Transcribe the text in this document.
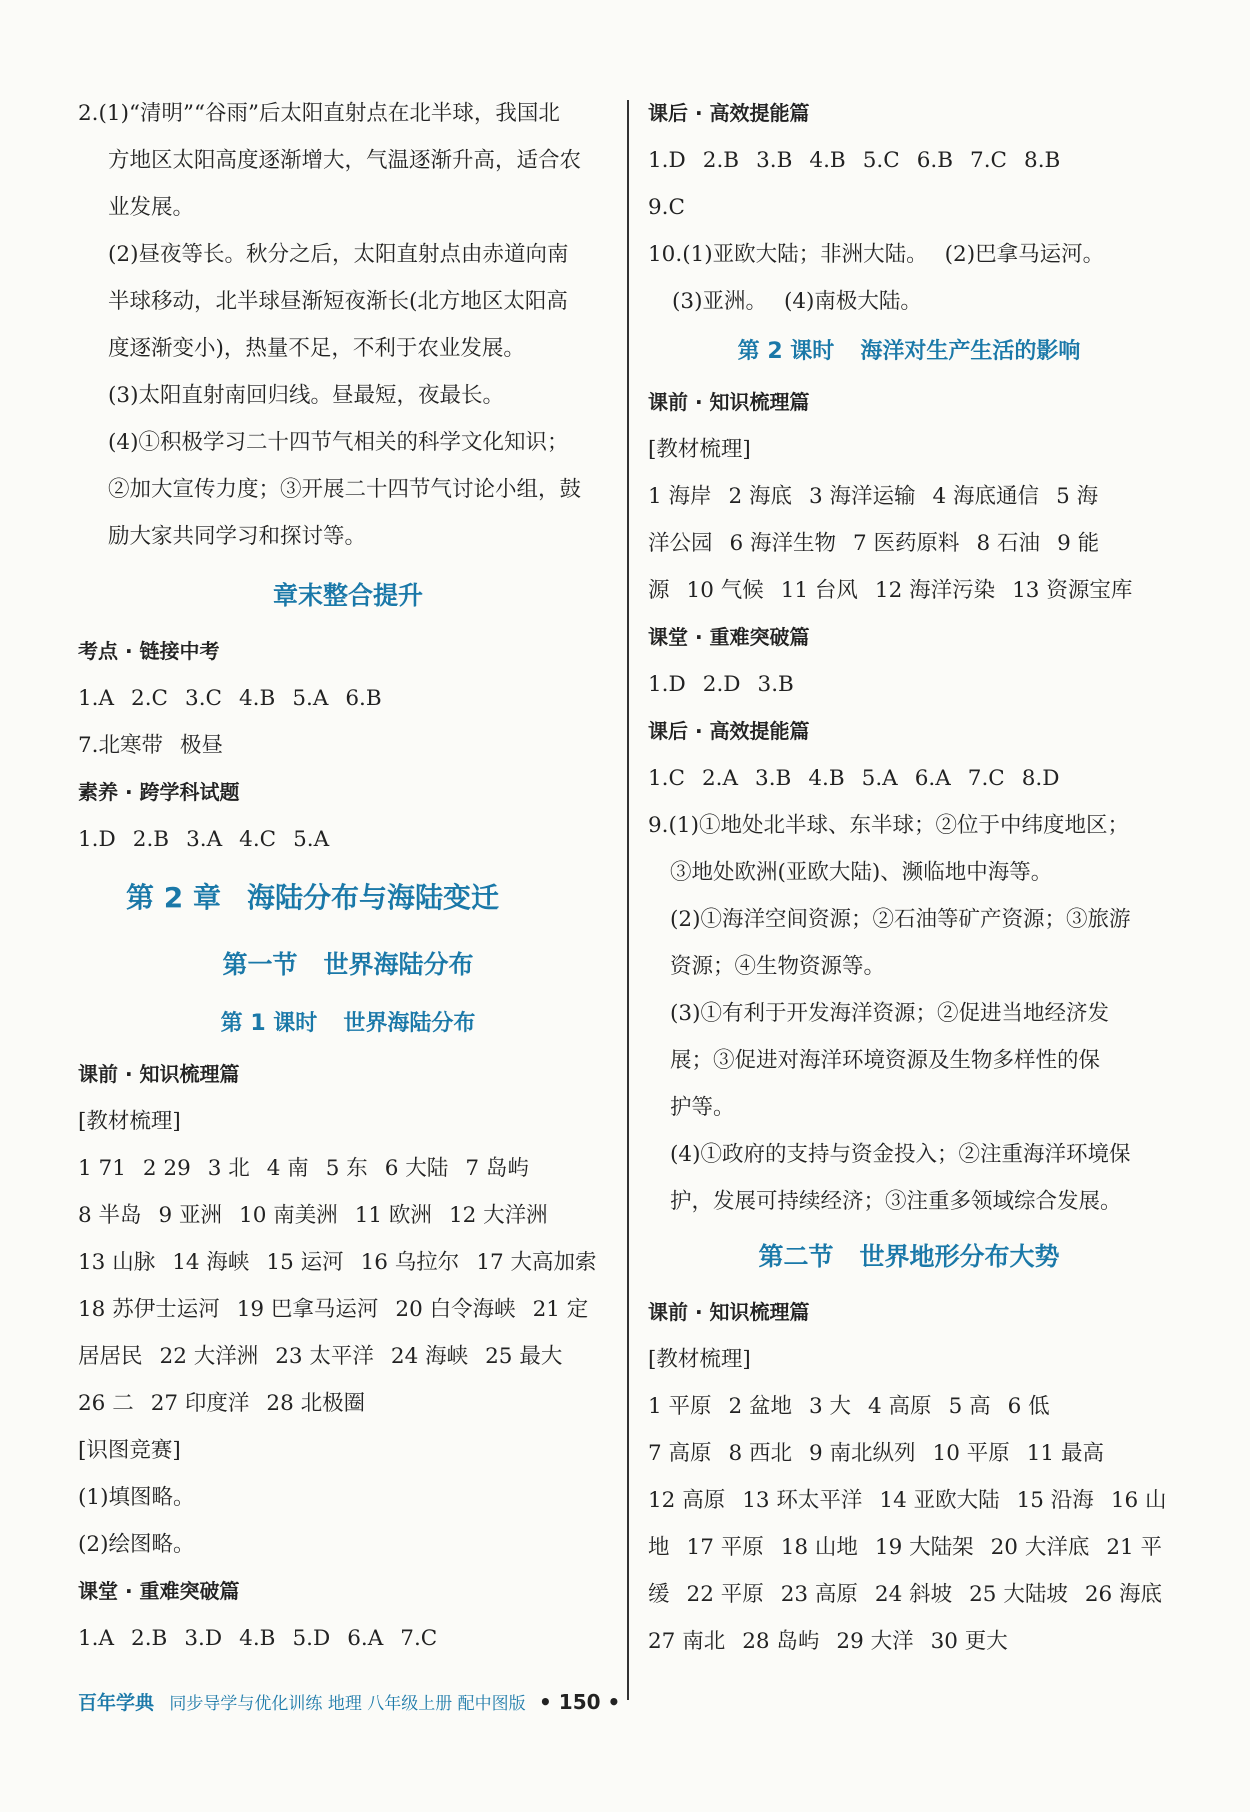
2.(1)“清明”“谷雨”后太阳直射点在北半球，我国北
方地区太阳高度逐渐增大，气温逐渐升高，适合农
业发展。
(2)昼夜等长。秋分之后，太阳直射点由赤道向南
半球移动，北半球昼渐短夜渐长(北方地区太阳高
度逐渐变小)，热量不足，不利于农业发展。
(3)太阳直射南回归线。昼最短，夜最长。
(4)①积极学习二十四节气相关的科学文化知识；
②加大宣传力度；③开展二十四节气讨论小组，鼓
励大家共同学习和探讨等。
章末整合提升
考点 · 链接中考
1.A 2.C 3.C 4.B 5.A 6.B
7.北寒带 极昼
素养 · 跨学科试题
1.D 2.B 3.A 4.C 5.A
第 2 章 海陆分布与海陆变迁
第一节 世界海陆分布
第 1 课时 世界海陆分布
课前 · 知识梳理篇
[教材梳理]
1 71 2 29 3 北 4 南 5 东 6 大陆 7 岛屿
8 半岛 9 亚洲 10 南美洲 11 欧洲 12 大洋洲
13 山脉 14 海峡 15 运河 16 乌拉尔 17 大高加索
18 苏伊士运河 19 巴拿马运河 20 白令海峡 21 定
居居民 22 大洋洲 23 太平洋 24 海峡 25 最大
26 二 27 印度洋 28 北极圈
[识图竞赛]
(1)填图略。
(2)绘图略。
课堂 · 重难突破篇
1.A 2.B 3.D 4.B 5.D 6.A 7.C
课后 · 高效提能篇
1.D 2.B 3.B 4.B 5.C 6.B 7.C 8.B
9.C
10.(1)亚欧大陆；非洲大陆。 (2)巴拿马运河。
(3)亚洲。 (4)南极大陆。
第 2 课时 海洋对生产生活的影响
课前 · 知识梳理篇
[教材梳理]
1 海岸 2 海底 3 海洋运输 4 海底通信 5 海
洋公园 6 海洋生物 7 医药原料 8 石油 9 能
源 10 气候 11 台风 12 海洋污染 13 资源宝库
课堂 · 重难突破篇
1.D 2.D 3.B
课后 · 高效提能篇
1.C 2.A 3.B 4.B 5.A 6.A 7.C 8.D
9.(1)①地处北半球、东半球；②位于中纬度地区；
③地处欧洲(亚欧大陆)、濒临地中海等。
(2)①海洋空间资源；②石油等矿产资源；③旅游
资源；④生物资源等。
(3)①有利于开发海洋资源；②促进当地经济发
展；③促进对海洋环境资源及生物多样性的保
护等。
(4)①政府的支持与资金投入；②注重海洋环境保
护，发展可持续经济；③注重多领域综合发展。
第二节 世界地形分布大势
课前 · 知识梳理篇
[教材梳理]
1 平原 2 盆地 3 大 4 高原 5 高 6 低
7 高原 8 西北 9 南北纵列 10 平原 11 最高
12 高原 13 环太平洋 14 亚欧大陆 15 沿海 16 山
地 17 平原 18 山地 19 大陆架 20 大洋底 21 平
缓 22 平原 23 高原 24 斜坡 25 大陆坡 26 海底
27 南北 28 岛屿 29 大洋 30 更大
百年学典 同步导学与优化训练 地理 八年级上册 配中图版 • 150 •
